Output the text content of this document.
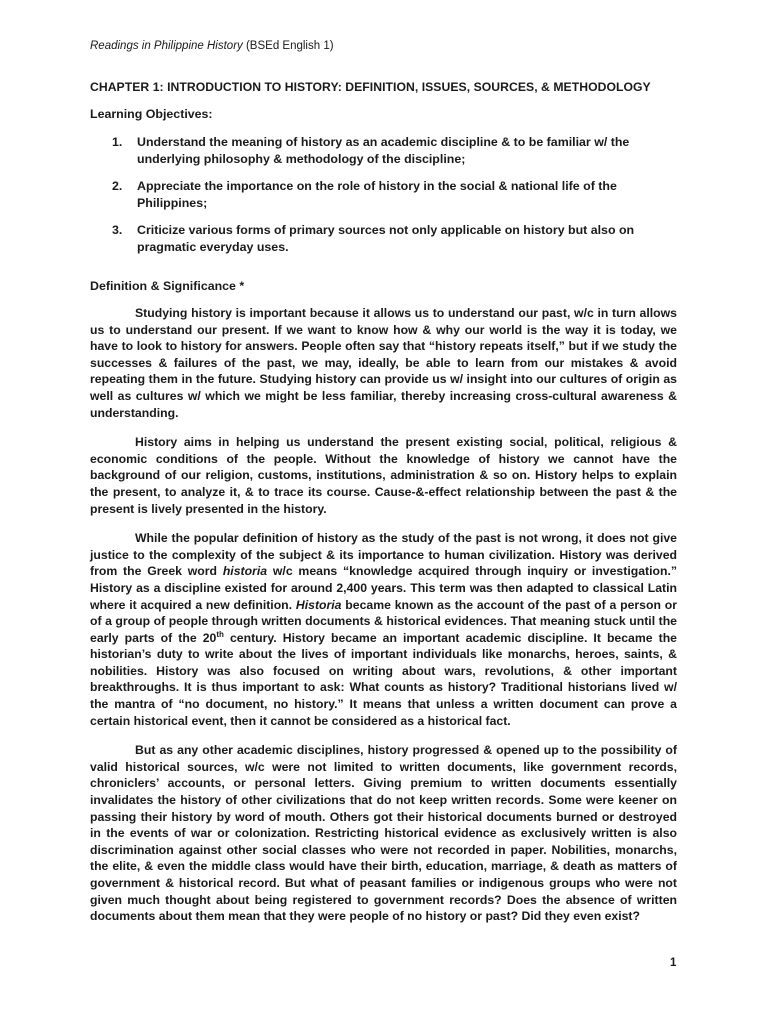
Readings in Philippine History (BSEd English 1)
CHAPTER 1: INTRODUCTION TO HISTORY: DEFINITION, ISSUES, SOURCES, & METHODOLOGY
Learning Objectives:
1. Understand the meaning of history as an academic discipline & to be familiar w/ the underlying philosophy & methodology of the discipline;
2. Appreciate the importance on the role of history in the social & national life of the Philippines;
3. Criticize various forms of primary sources not only applicable on history but also on pragmatic everyday uses.
Definition & Significance *

Studying history is important because it allows us to understand our past, w/c in turn allows us to understand our present. If we want to know how & why our world is the way it is today, we have to look to history for answers. People often say that “history repeats itself,” but if we study the successes & failures of the past, we may, ideally, be able to learn from our mistakes & avoid repeating them in the future. Studying history can provide us w/ insight into our cultures of origin as well as cultures w/ which we might be less familiar, thereby increasing cross-cultural awareness & understanding.

History aims in helping us understand the present existing social, political, religious & economic conditions of the people. Without the knowledge of history we cannot have the background of our religion, customs, institutions, administration & so on. History helps to explain the present, to analyze it, & to trace its course. Cause-&-effect relationship between the past & the present is lively presented in the history.

While the popular definition of history as the study of the past is not wrong, it does not give justice to the complexity of the subject & its importance to human civilization. History was derived from the Greek word historia w/c means “knowledge acquired through inquiry or investigation.” History as a discipline existed for around 2,400 years. This term was then adapted to classical Latin where it acquired a new definition. Historia became known as the account of the past of a person or of a group of people through written documents & historical evidences. That meaning stuck until the early parts of the 20th century. History became an important academic discipline. It became the historian’s duty to write about the lives of important individuals like monarchs, heroes, saints, & nobilities. History was also focused on writing about wars, revolutions, & other important breakthroughs. It is thus important to ask: What counts as history? Traditional historians lived w/ the mantra of “no document, no history.” It means that unless a written document can prove a certain historical event, then it cannot be considered as a historical fact.

But as any other academic disciplines, history progressed & opened up to the possibility of valid historical sources, w/c were not limited to written documents, like government records, chroniclers’ accounts, or personal letters. Giving premium to written documents essentially invalidates the history of other civilizations that do not keep written records. Some were keener on passing their history by word of mouth. Others got their historical documents burned or destroyed in the events of war or colonization. Restricting historical evidence as exclusively written is also discrimination against other social classes who were not recorded in paper. Nobilities, monarchs, the elite, & even the middle class would have their birth, education, marriage, & death as matters of government & historical record. But what of peasant families or indigenous groups who were not given much thought about being registered to government records? Does the absence of written documents about them mean that they were people of no history or past? Did they even exist?

1
